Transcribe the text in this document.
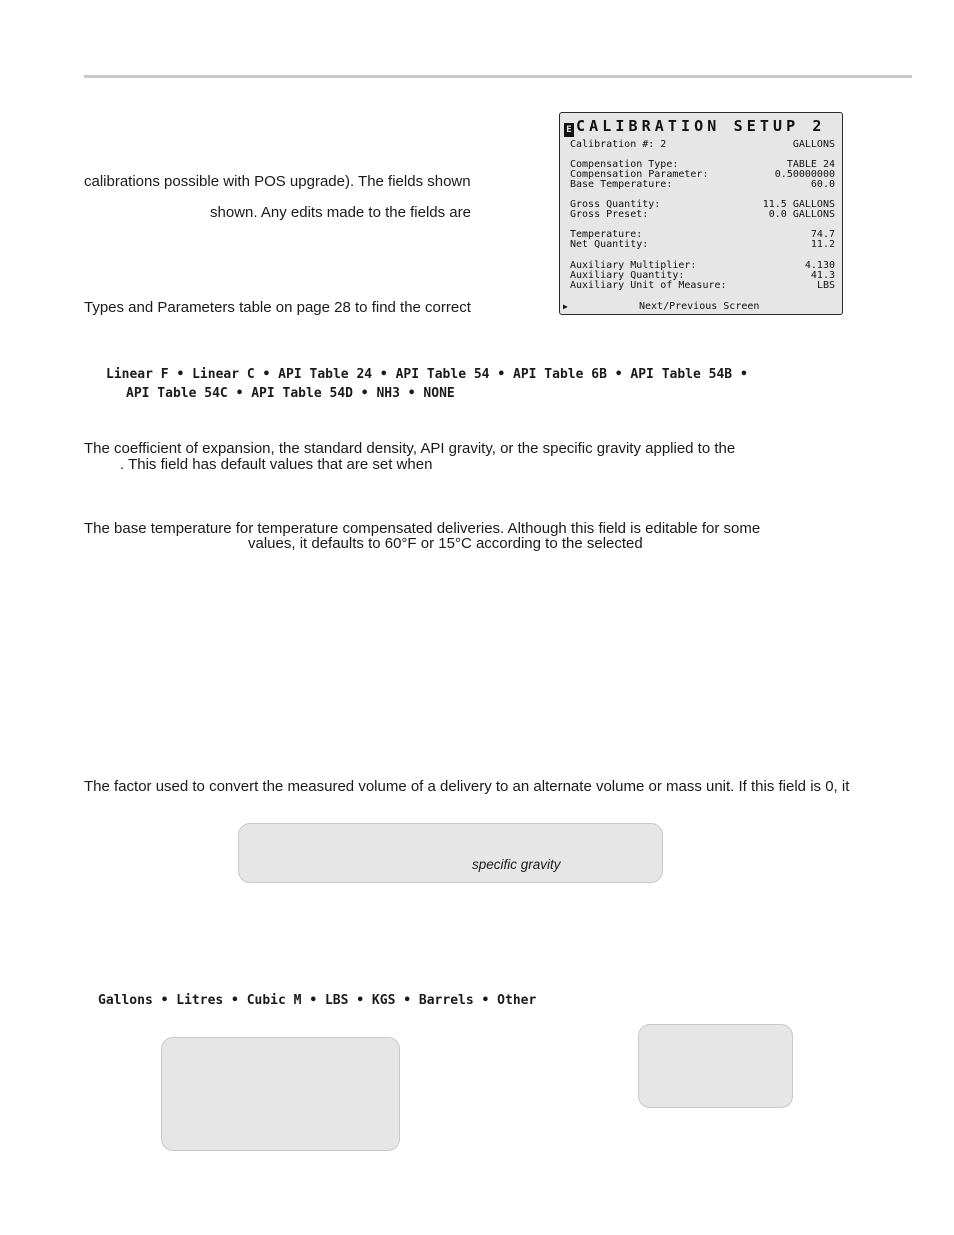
calibrations possible with POS upgrade). The fields shown
shown. Any edits made to the fields are
Types and Parameters table on page 28 to find the correct
E CALIBRATION SETUP 2
Calibration #: 2	GALLONS
Compensation Type:	TABLE 24
Compensation Parameter:	0.50000000
Base Temperature:	60.0
Gross Quantity:	11.5 GALLONS
Gross Preset:	0.0 GALLONS
Temperature:	74.7
Net Quantity:	11.2
Auxiliary Multiplier:	4.130
Auxiliary Quantity:	41.3
Auxiliary Unit of Measure:	LBS
▶	Next/Previous Screen
Linear F • Linear C • API Table 24 • API Table 54 • API Table 6B • API Table 54B •
API Table 54C • API Table 54D • NH3 • NONE
The coefficient of expansion, the standard density, API gravity, or the specific gravity applied to the
. This field has default values that are set when
The base temperature for temperature compensated deliveries. Although this field is editable for some
values, it defaults to 60°F or 15°C according to the selected
The factor used to convert the measured volume of a delivery to an alternate volume or mass unit. If this field is 0, it
specific gravity
Gallons • Litres • Cubic M • LBS • KGS • Barrels • Other
